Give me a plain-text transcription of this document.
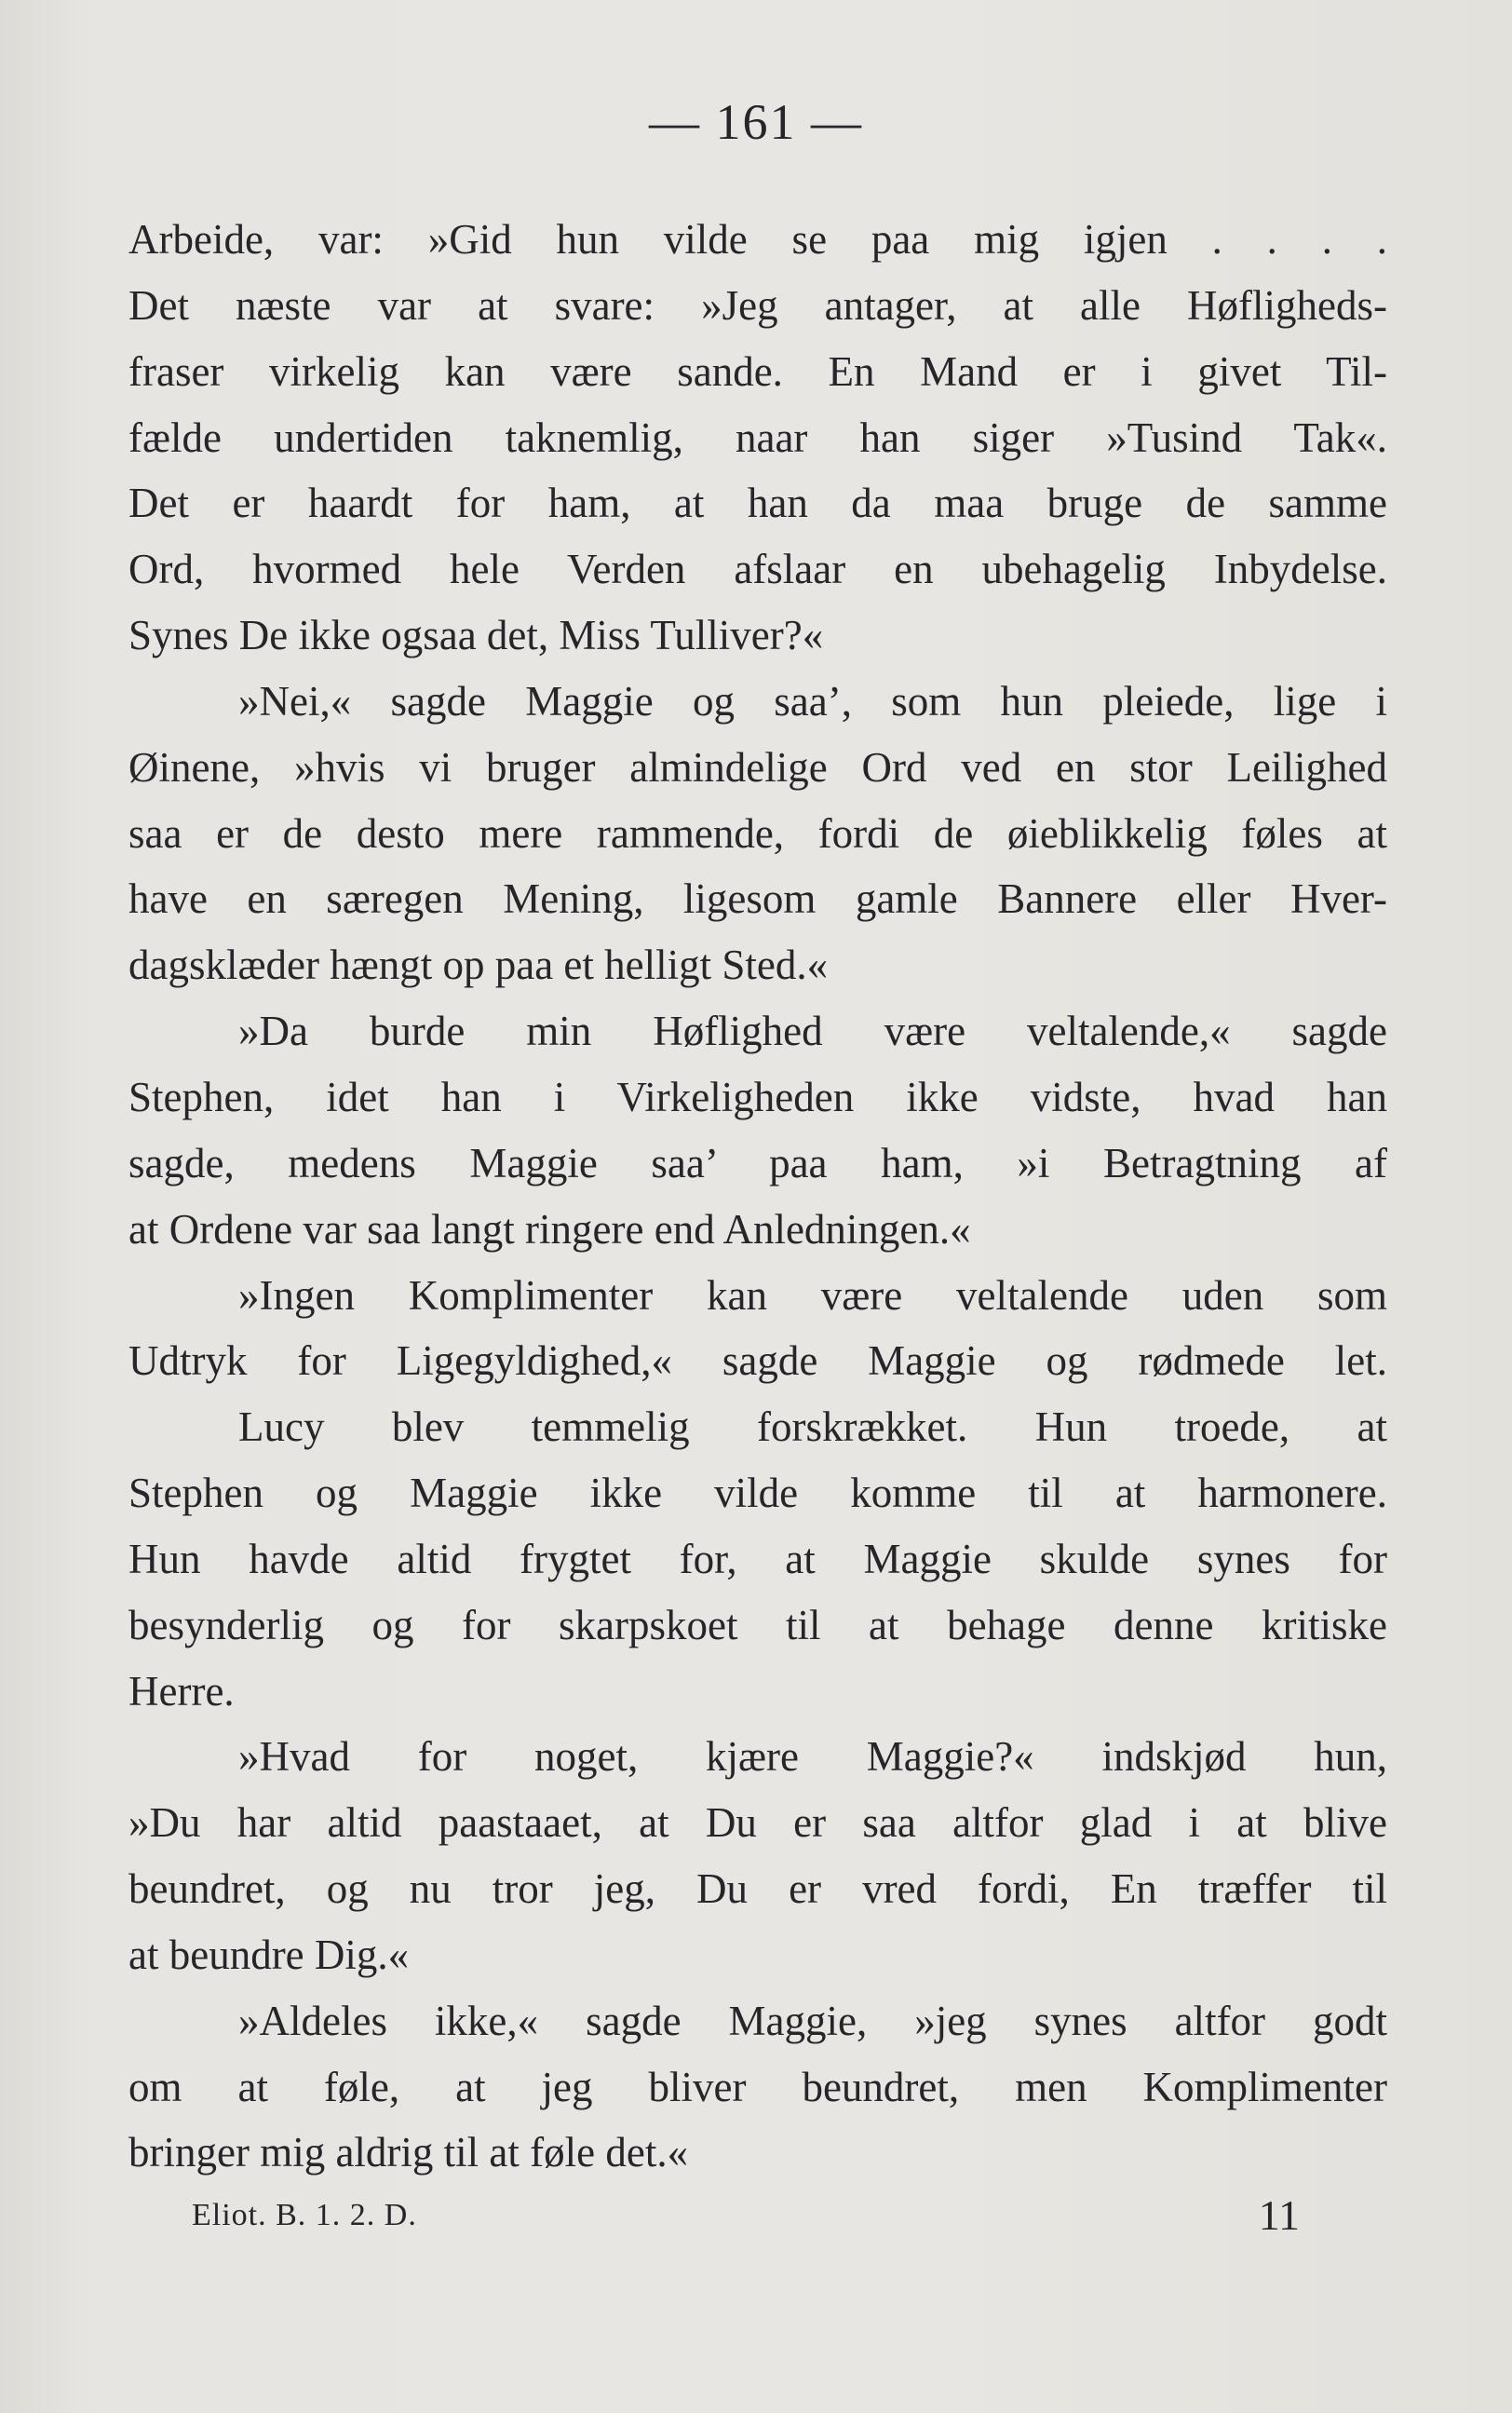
— 161 —
Arbeide, var: »Gid hun vilde se paa mig igjen . . . .
Det næste var at svare: »Jeg antager, at alle Høfligheds-
fraser virkelig kan være sande. En Mand er i givet Til-
fælde undertiden taknemlig, naar han siger »Tusind Tak«.
Det er haardt for ham, at han da maa bruge de samme
Ord, hvormed hele Verden afslaar en ubehagelig Inbydelse.
Synes De ikke ogsaa det, Miss Tulliver?«
»Nei,« sagde Maggie og saa’, som hun pleiede, lige i
Øinene, »hvis vi bruger almindelige Ord ved en stor Leilighed
saa er de desto mere rammende, fordi de øieblikkelig føles at
have en særegen Mening, ligesom gamle Bannere eller Hver-
dagsklæder hængt op paa et helligt Sted.«
»Da burde min Høflighed være veltalende,« sagde
Stephen, idet han i Virkeligheden ikke vidste, hvad han
sagde, medens Maggie saa’ paa ham, »i Betragtning af
at Ordene var saa langt ringere end Anledningen.«
»Ingen Komplimenter kan være veltalende uden som
Udtryk for Ligegyldighed,« sagde Maggie og rødmede let.
Lucy blev temmelig forskrækket. Hun troede, at
Stephen og Maggie ikke vilde komme til at harmonere.
Hun havde altid frygtet for, at Maggie skulde synes for
besynderlig og for skarpskoet til at behage denne kritiske
Herre.
»Hvad for noget, kjære Maggie?« indskjød hun,
»Du har altid paastaaet, at Du er saa altfor glad i at blive
beundret, og nu tror jeg, Du er vred fordi, En træffer til
at beundre Dig.«
»Aldeles ikke,« sagde Maggie, »jeg synes altfor godt
om at føle, at jeg bliver beundret, men Komplimenter
bringer mig aldrig til at føle det.«
Eliot. B. 1. 2. D.	11
